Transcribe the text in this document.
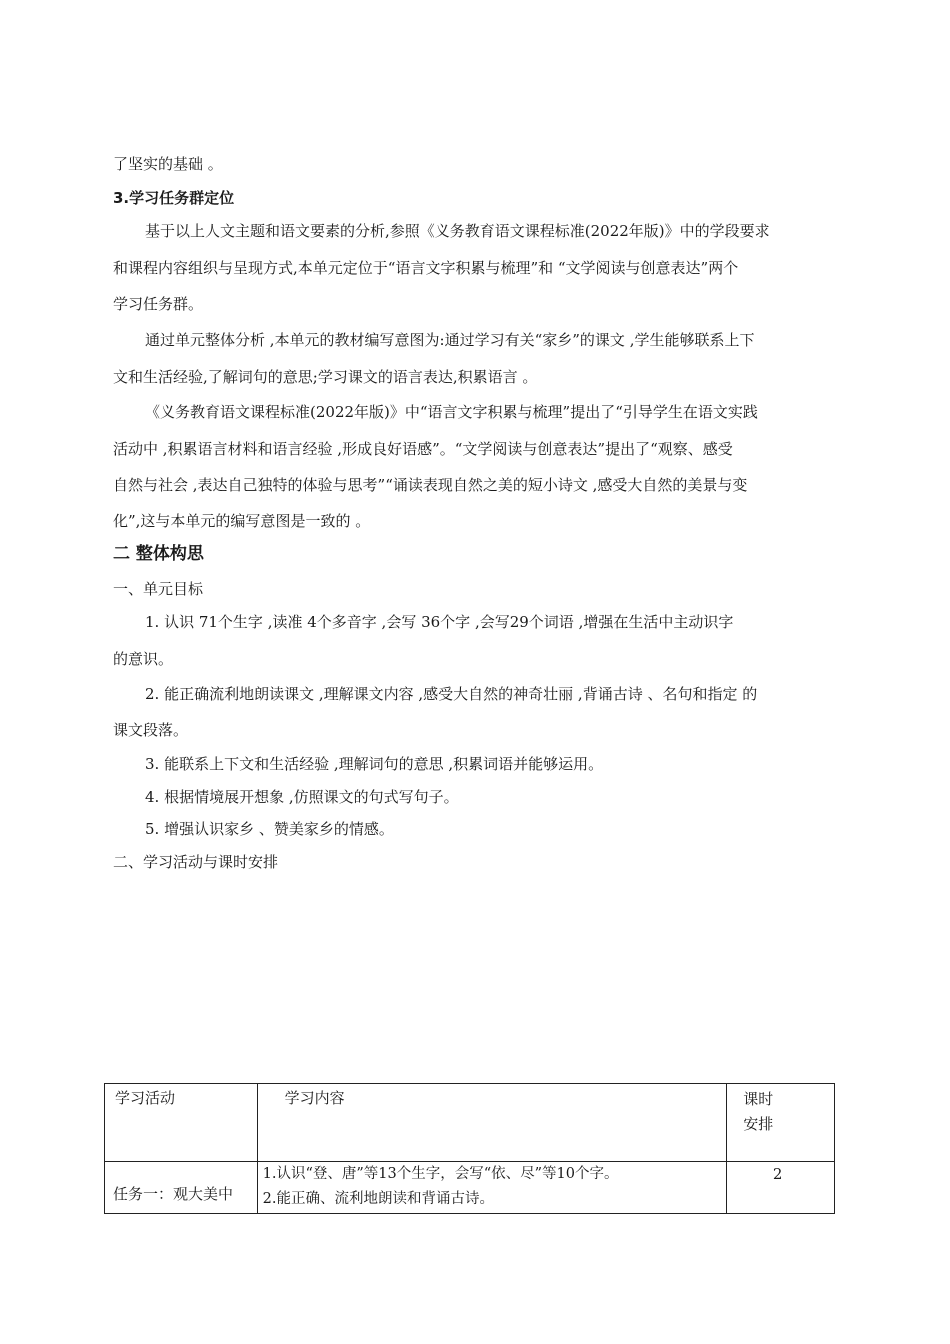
了坚实的基础 。
3.学习任务群定位
基于以上人文主题和语文要素的分析,参照《义务教育语文课程标准(2022年版)》中的学段要求
和课程内容组织与呈现方式,本单元定位于“语言文字积累与梳理”和 “文学阅读与创意表达”两个
学习任务群。
通过单元整体分析 ,本单元的教材编写意图为:通过学习有关“家乡”的课文 ,学生能够联系上下
文和生活经验,了解词句的意思;学习课文的语言表达,积累语言 。
《义务教育语文课程标准(2022年版)》中“语言文字积累与梳理”提出了“引导学生在语文实践
活动中 ,积累语言材料和语言经验 ,形成良好语感”。“文学阅读与创意表达”提出了“观察、感受
自然与社会 ,表达自己独特的体验与思考”“诵读表现自然之美的短小诗文 ,感受大自然的美景与变
化”,这与本单元的编写意图是一致的 。
二 整体构思
一、单元目标
1. 认识 71个生字 ,读准 4个多音字 ,会写 36个字 ,会写29个词语 ,增强在生活中主动识字
的意识。
2. 能正确流利地朗读课文 ,理解课文内容 ,感受大自然的神奇壮丽 ,背诵古诗 、名句和指定 的
课文段落。
3. 能联系上下文和生活经验 ,理解词句的意思 ,积累词语并能够运用。
4. 根据情境展开想象 ,仿照课文的句式写句子。
5. 增强认识家乡 、赞美家乡的情感。
二、学习活动与课时安排
学习活动	学习内容	课时
安排

任务一：观大美中	1.认识“登、唐”等13个生字，会写“依、尽”等10个字。
2.能正确、流利地朗读和背诵古诗。	2
